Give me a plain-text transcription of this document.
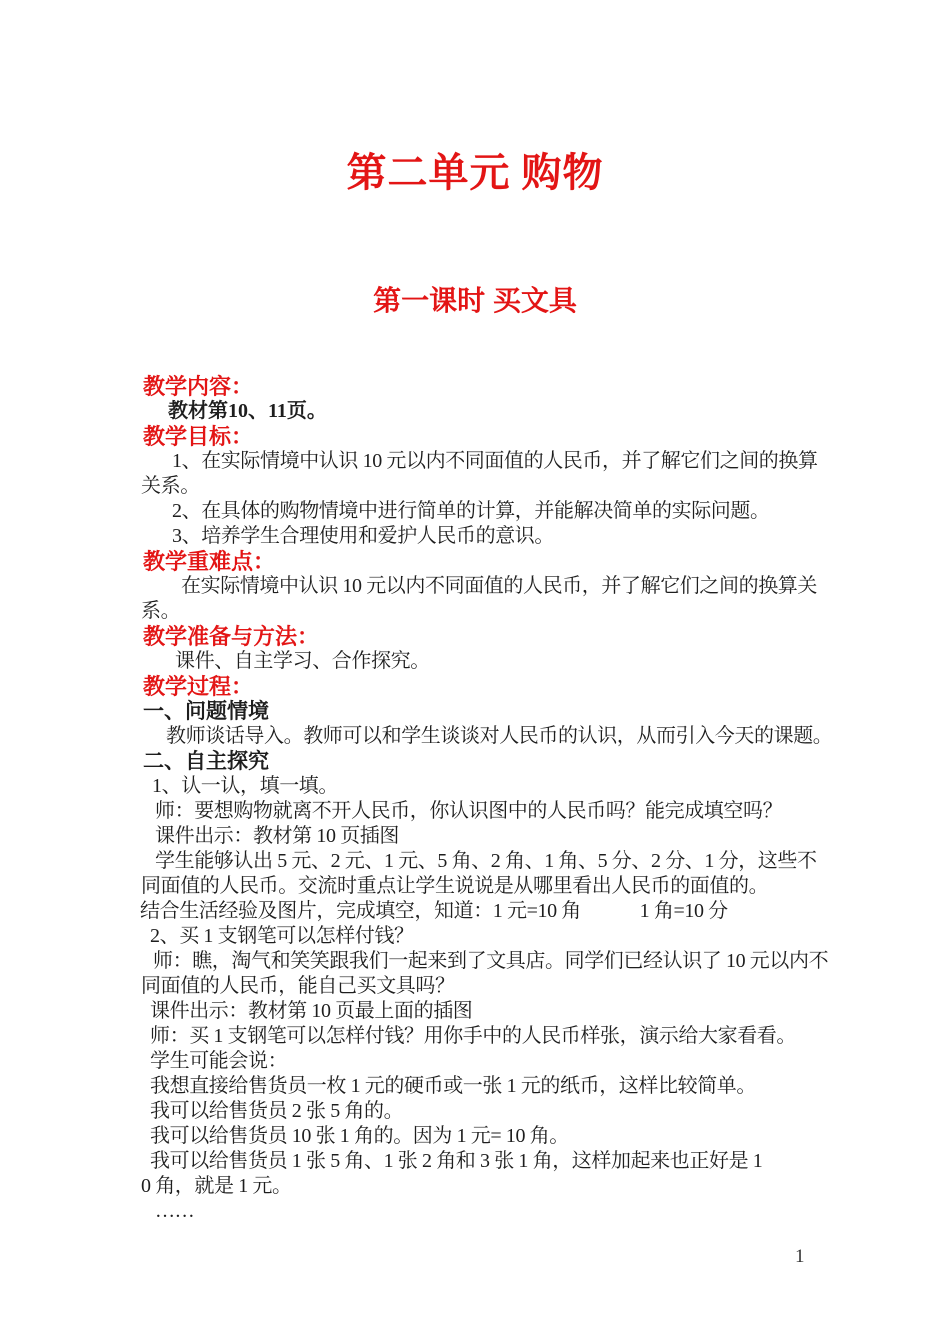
第二单元 购物
第一课时 买文具
教学内容：
教材第10、11页。
教学目标：
1、在实际情境中认识 10 元以内不同面值的人民币，并了解它们之间的换算
关系。
2、在具体的购物情境中进行简单的计算，并能解决简单的实际问题。
3、培养学生合理使用和爱护人民币的意识。
教学重难点：
在实际情境中认识 10 元以内不同面值的人民币，并了解它们之间的换算关
系。
教学准备与方法：
课件、自主学习、合作探究。
教学过程：
一、问题情境
教师谈话导入。教师可以和学生谈谈对人民币的认识，从而引入今天的课题。
二、自主探究
1、认一认，填一填。
师：要想购物就离不开人民币，你认识图中的人民币吗？能完成填空吗？
课件出示：教材第 10 页插图
学生能够认出 5 元、2 元、1 元、5 角、2 角、1 角、5 分、2 分、1 分，这些不
同面值的人民币。交流时重点让学生说说是从哪里看出人民币的面值的。
结合生活经验及图片，完成填空，知道：1 元=10 角　　　1 角=10 分
2、买 1 支钢笔可以怎样付钱？
师：瞧，淘气和笑笑跟我们一起来到了文具店。同学们已经认识了 10 元以内不
同面值的人民币，能自己买文具吗？
课件出示：教材第 10 页最上面的插图
师：买 1 支钢笔可以怎样付钱？用你手中的人民币样张，演示给大家看看。
学生可能会说：
我想直接给售货员一枚 1 元的硬币或一张 1 元的纸币，这样比较简单。
我可以给售货员 2 张 5 角的。
我可以给售货员 10 张 1 角的。因为 1 元= 10 角。
我可以给售货员 1 张 5 角、1 张 2 角和 3 张 1 角，这样加起来也正好是 1
0 角，就是 1 元。
……
1
